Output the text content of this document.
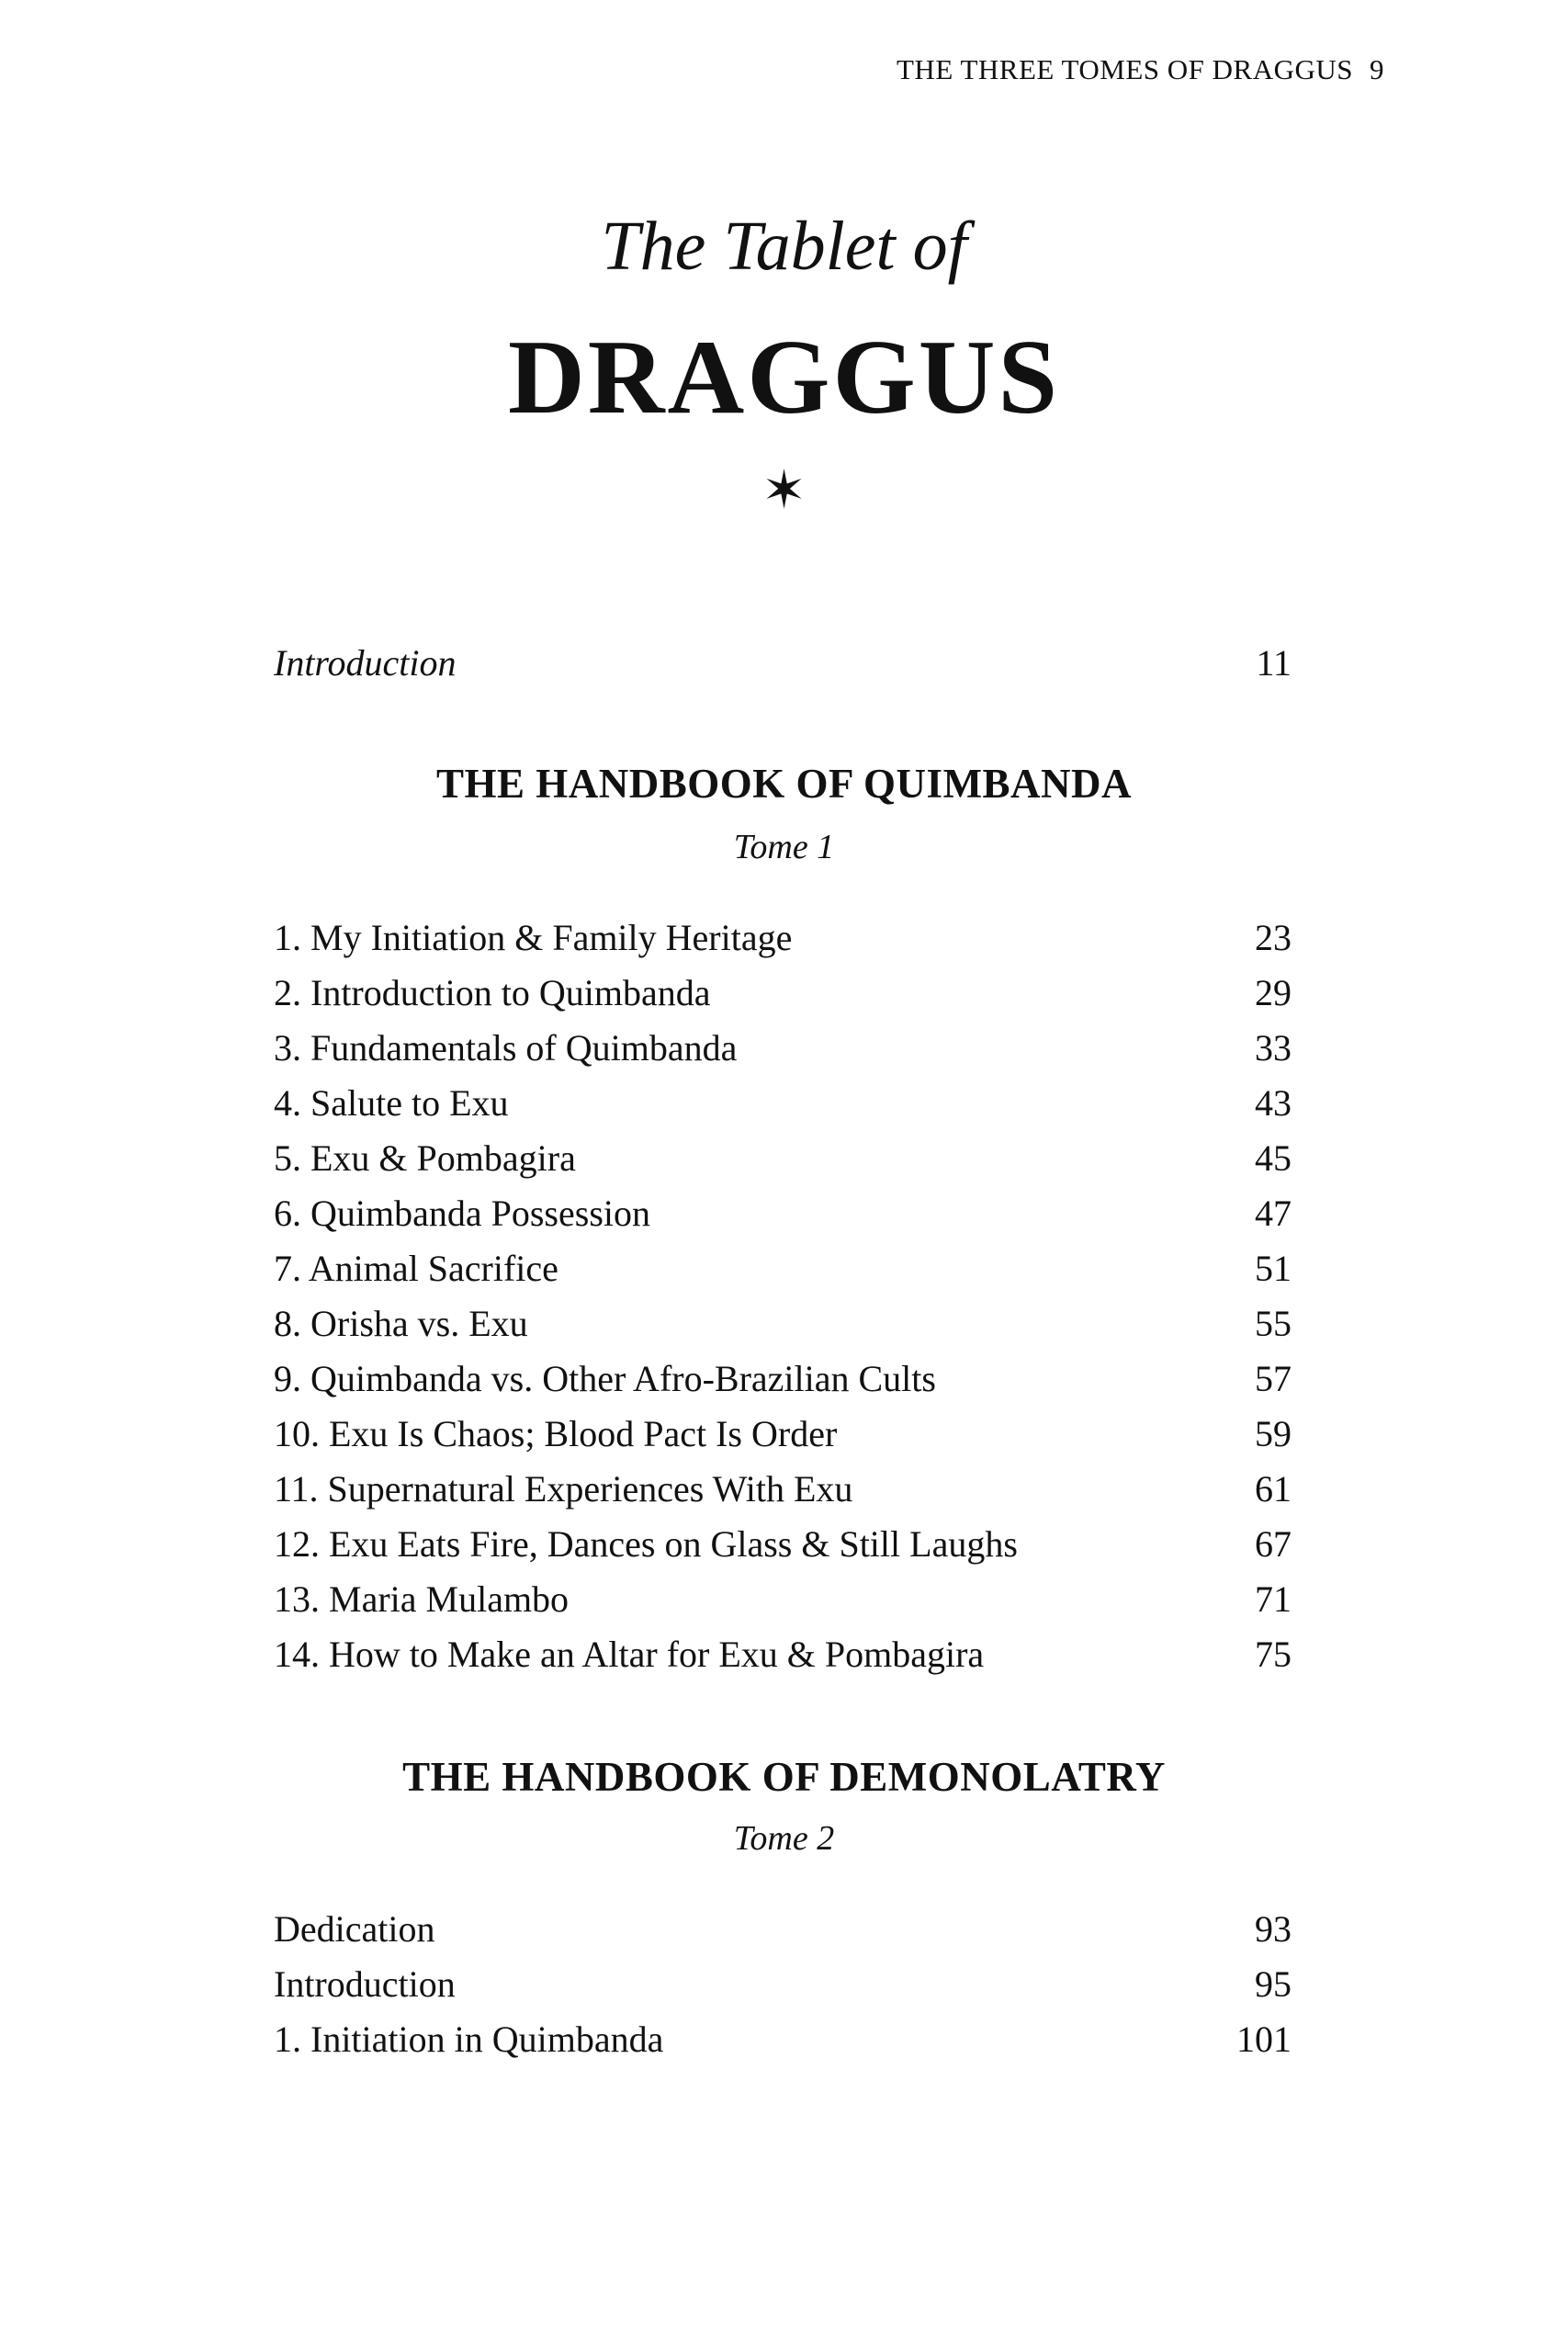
THE THREE TOMES OF DRAGGUS 9
The Tablet of
DRAGGUS
✶
Introduction	11
THE HANDBOOK OF QUIMBANDA
Tome 1
1. My Initiation & Family Heritage	23
2. Introduction to Quimbanda	29
3. Fundamentals of Quimbanda	33
4. Salute to Exu	43
5. Exu & Pombagira	45
6. Quimbanda Possession	47
7. Animal Sacrifice	51
8. Orisha vs. Exu	55
9. Quimbanda vs. Other Afro-Brazilian Cults	57
10. Exu Is Chaos; Blood Pact Is Order	59
11. Supernatural Experiences With Exu	61
12. Exu Eats Fire, Dances on Glass & Still Laughs	67
13. Maria Mulambo	71
14. How to Make an Altar for Exu & Pombagira	75
THE HANDBOOK OF DEMONOLATRY
Tome 2
Dedication	93
Introduction	95
1. Initiation in Quimbanda	101
